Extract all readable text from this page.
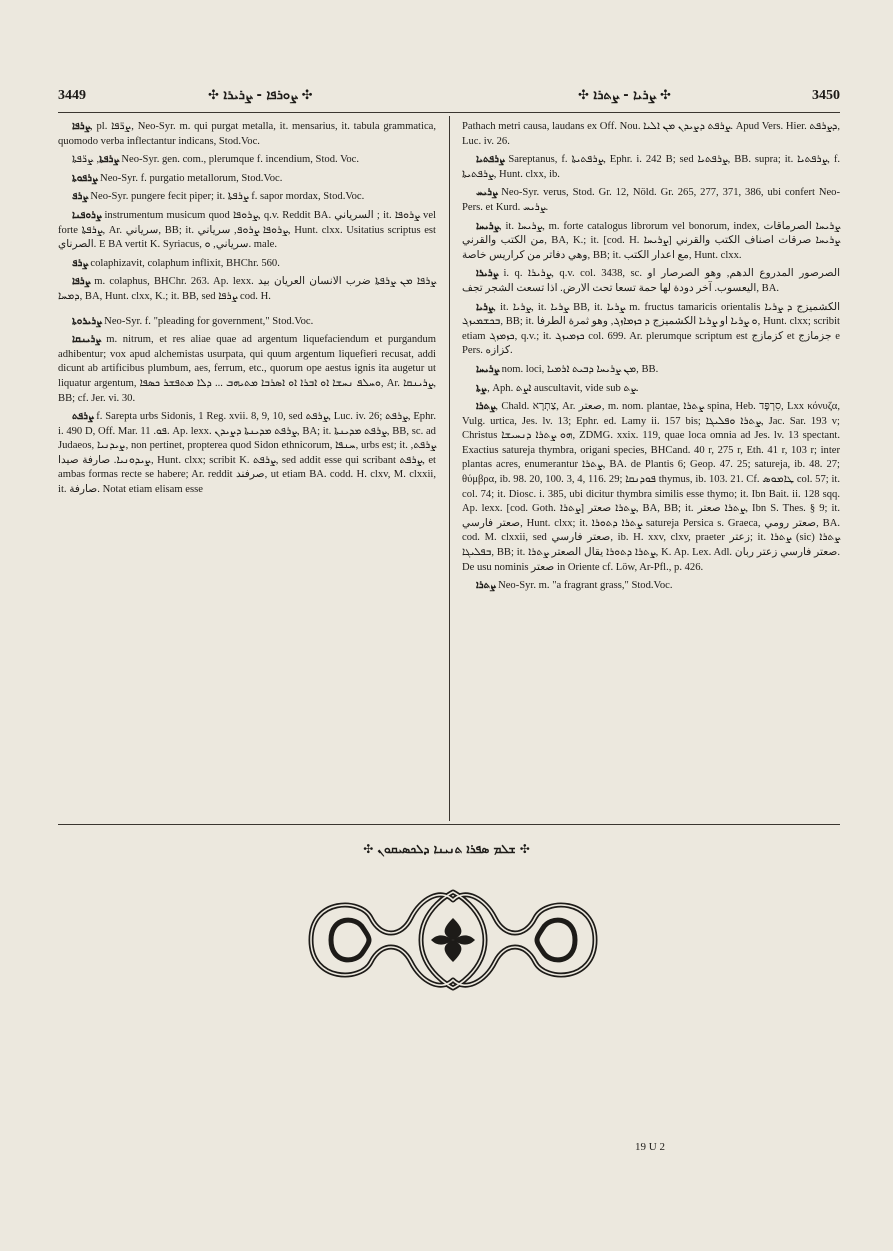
3449	✣ ܨܘܪܦܐ - ܨܪܝܪܐ ✣	✣ ܨܪܝܐ - ܨܬܪܐ ✣	3450

ܨܪܦܐ, pl. ܨܪ̈ܦܐ, Neo-Syr. m. qui purgat metalla, it. mensarius, it. tabula grammatica, quomodo verba inflectantur indicans, Stod.Voc.

ܨܪܦܬܐ, ܨܪ̈ܦܬܐ Neo-Syr. gen. com., plerumque f. incendium, Stod. Voc.

ܨܪܦܘܬܐ Neo-Syr. f. purgatio metallorum, Stod.Voc.

ܨܪܦ Neo-Syr. pungere fecit piper; it. ܨܪܦܬܐ f. sapor mordax, Stod.Voc.

ܨܪܘܦܢܐ instrumentum musicum quod ܨܪܘܦܐ, q.v. Reddit BA. السرياني ; it. ܨܪܘܦܐ vel forte ܨܪܦܬܐ, Ar. سرياني, BB; it. ܨܪܘܦܐ ܨܪܘܦ, سرياني, Hunt. clxx. Usitatius scriptus est الصرناي. E BA vertit K. Syriacus, سرياني, ܘ. male.

ܨܪܦ colaphizavit, colaphum inflixit, BHChr. 560.

ܨܪܦܐ m. colaphus, BHChr. 263. Ap. lexx. ܨܪܦܐ ܡܢ ܨܪܦܬܐ ضرب الانسان العريان بيد ܕܡܚܐ, BA, Hunt. clxx, K.; it. BB, sed ܨܪܦܐ cod. H.

ܨܪܝܪܘܬܐ Neo-Syr. f. "pleading for government," Stod.Voc.

ܨܪܝܢܩܐ m. nitrum, et res aliae quae ad argentum liquefaciendum et purgandum adhibentur; vox apud alchemistas usurpata, qui quum argentum liquefieri recusat, addi dicunt ab artificibus plumbum, aes, ferrum, etc., quorum ope aestus ignis ita augetur ut liquatur argentum, ܘܚܠܦ ܢܚܫܐ ܐܘ ܐܒܪܐ ܐܘ ܐܣܪܒܐ ܡܬܝܗܒ ... ܕܠܐ ܡܬܦܫܪ ܟܣܦܐ, Ar. ܨܪܝܢܩܐ, BB; cf. Jer. vi. 30.

ܨܪܦܬ f. Sarepta urbs Sidonis, 1 Reg. xvii. 8, 9, 10, sed ܨܪܦܬ, Luc. iv. 26; ܨܪܦܬ, Ephr. i. 490 D, Off. Mar. ܦܘ. 11. Ap. lexx. ܨܪܦܬ ܡܕܝܢܬܐ ܕܨܝܕܢ, BA; it. ܨܪܦܬ ܡܕܝܢܬܐ, BB, sc. ad Judaeos, ܨܝܕܢܝܐ, non pertinet, propterea quod Sidon ethnicorum, ܚܢܦܐ, urbs est; it. ܨܪܦܬ, ܨܝܕܘܢܝܐ. صارفة صيدا, Hunt. clxx; scribit K. ܨܪܦܬ, sed addit esse qui scribant ܨܪܦܬ, et ambas formas recte se habere; Ar. reddit صرفند, ut etiam BA. codd. H. clxv, M. clxxii, it. صارفة. Notat etiam elisam esse

Pathach metri causa, laudans ex Off. Nou. ܨܪܦܬ ܕܨܝܕܢ ܡܢ ܐܠܝܐ. Apud Vers. Hier. ܕܨܪܦܬ, Luc. iv. 26.

ܨܪܦܬܝܐ Sareptanus, f. ܨܪܦܬܝܬܐ, Ephr. i. 242 B; sed ܨܪܦܬܝܐ, BB. supra; it. ܨܪܦܬܝܐ, f. ܨܪܦܬܝܬܐ, Hunt. clxx, ib.

ܨܪܝܚ Neo-Syr. verus, Stod. Gr. 12, Nöld. Gr. 265, 277, 371, 386, ubi confert Neo-Pers. et Kurd. ܨܪܝܚ.

ܨܪܝܚܐ, it. ܨܪܝܚܐ, m. forte catalogus librorum vel bonorum, index, ܨܪܝܚܐ الصرماقات من الكتب والقرني, BA, K.; it. [cod. H. ܨܪܝܚܐ] ܨܪܝܚܐ صرقات اصناف الكتب والقرني وهي دفاتر من كراريس خاصة, BB; it. مع اعدار الكتب, Hunt. clxx.

ܨܪܝܪܐ i. q. ܨܪܝܪܐ, q.v. col. 3438, sc. الصرصور المدروع الدهم, وهو الصرصار او اليعسوب. آخر دودة لها حمة تسعا تحت الارض. اذا تسعت الشجر تجف, BA.

ܨܪܝܐ, it. ܨܪܝܐ, it. ܨܪܝܐ BB, it. ܨܪܝܐ m. fructus tamaricis orientalis الكشميزج ܕ ܨܪܝܐ ܒܟܫܡܝܙܓ, BB; it. ܘ ܨܪܝܐ او ܨܪܝܐ الكشميزج ܕ ܟܙܡܐܙܓ, وهو ثمرة الطرفا, Hunt. clxx; scribit etiam ܟܙܡܙܓ, q.v.; it. ܟܙܡܝܙܓ col. 699. Ar. plerumque scriptum est كزمازج et جزمازج e Pers. كزازه.

ܨܪܝܚܐ nom. loci, ܡܢ ܨܪܝܚܐ ܕܒܝܬ ܐܪܡܝܐ, BB.

ܨܬܐ, Aph. ܐܨܬ auscultavit, vide sub ܨܬ.

ܨܬܪܐ, Chald. צַתְרָא, Ar. صعتر, m. nom. plantae, ܨܬܪܐ spina, Heb. סִרְפָּד, Lxx κόνυζα, Vulg. urtica, Jes. lv. 13; Ephr. ed. Lamy ii. 157 bis; ܨܬܪܐ ܘܦܠܝܓܐ, Jac. Sar. 193 v; Christus ܗܘ ܨܬܪܐ ܕܢܚܝܫܐ, ZDMG. xxix. 119, quae loca omnia ad Jes. lv. 13 spectant. Exactius satureja thymbra, origani species, BHCand. 40 r, 275 r, Eth. 41 r, 103 r; inter plantas acres, enumerantur ܨܬܪܐ, BA. de Plantis 6; Geop. 47. 25; satureja, ib. 48. 27; θύμβρα, ib. 98. 20, 100. 3, 4, 116. 29; ܦܘܕܢܩܐ thymus, ib. 103. 21. Cf. ܛܐܡܘܣ col. 57; it. col. 74; it. Diosc. i. 385, ubi dicitur thymbra similis esse thymo; it. Ibn Bait. ii. 128 sqq. Ap. lexx. [cod. Goth. ܨܬܪܐ] ܨܬܪܐ صعتر, BA, BB; it. ܨܬܪܐ صعتر, Ibn S. Thes. § 9; it. صعتر فارسي, Hunt. clxx; it. ܨܬܪܐ ܕܬܘܪܐ satureja Persica s. Graeca, صعتر رومي, BA. cod. M. clxxii, sed صعتر فارسي, ib. H. xxv, clxv, praeter زعتر; it. ܨܬܪܐ (sic) ܨܬܪܐ ܒܦܠܝܓܐ, BB; it. ܨܬܪܐ ܕܬܘܪܐ يقال الصعتر ܨܬܪܐ, K. Ap. Lex. Adl. صعتر فارسي زعتر ربان. De usu nominis صعتر in Oriente cf. Löw, Ar-Pfl., p. 426.

ܨܬܪܐ Neo-Syr. m. "a fragrant grass," Stod.Voc.

✣ ܫܠܡ ܣܦܪܐ ܬܢܝܢܐ ܕܠܟܣܝܩܘܢ ✣
19 U 2
